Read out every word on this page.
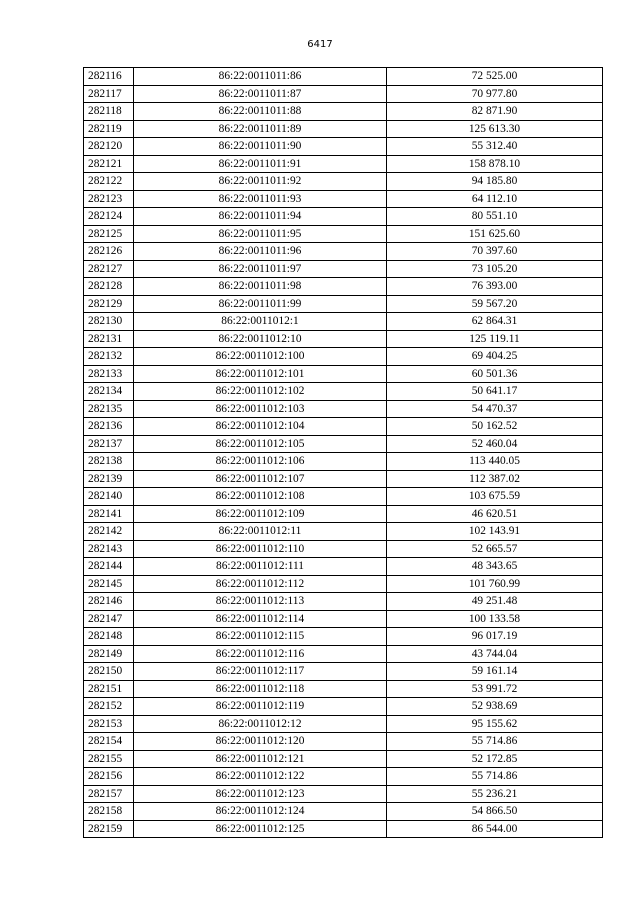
6417
282116	86:22:0011011:86	72 525.00
282117	86:22:0011011:87	70 977.80
282118	86:22:0011011:88	82 871.90
282119	86:22:0011011:89	125 613.30
282120	86:22:0011011:90	55 312.40
282121	86:22:0011011:91	158 878.10
282122	86:22:0011011:92	94 185.80
282123	86:22:0011011:93	64 112.10
282124	86:22:0011011:94	80 551.10
282125	86:22:0011011:95	151 625.60
282126	86:22:0011011:96	70 397.60
282127	86:22:0011011:97	73 105.20
282128	86:22:0011011:98	76 393.00
282129	86:22:0011011:99	59 567.20
282130	86:22:0011012:1	62 864.31
282131	86:22:0011012:10	125 119.11
282132	86:22:0011012:100	69 404.25
282133	86:22:0011012:101	60 501.36
282134	86:22:0011012:102	50 641.17
282135	86:22:0011012:103	54 470.37
282136	86:22:0011012:104	50 162.52
282137	86:22:0011012:105	52 460.04
282138	86:22:0011012:106	113 440.05
282139	86:22:0011012:107	112 387.02
282140	86:22:0011012:108	103 675.59
282141	86:22:0011012:109	46 620.51
282142	86:22:0011012:11	102 143.91
282143	86:22:0011012:110	52 665.57
282144	86:22:0011012:111	48 343.65
282145	86:22:0011012:112	101 760.99
282146	86:22:0011012:113	49 251.48
282147	86:22:0011012:114	100 133.58
282148	86:22:0011012:115	96 017.19
282149	86:22:0011012:116	43 744.04
282150	86:22:0011012:117	59 161.14
282151	86:22:0011012:118	53 991.72
282152	86:22:0011012:119	52 938.69
282153	86:22:0011012:12	95 155.62
282154	86:22:0011012:120	55 714.86
282155	86:22:0011012:121	52 172.85
282156	86:22:0011012:122	55 714.86
282157	86:22:0011012:123	55 236.21
282158	86:22:0011012:124	54 866.50
282159	86:22:0011012:125	86 544.00
